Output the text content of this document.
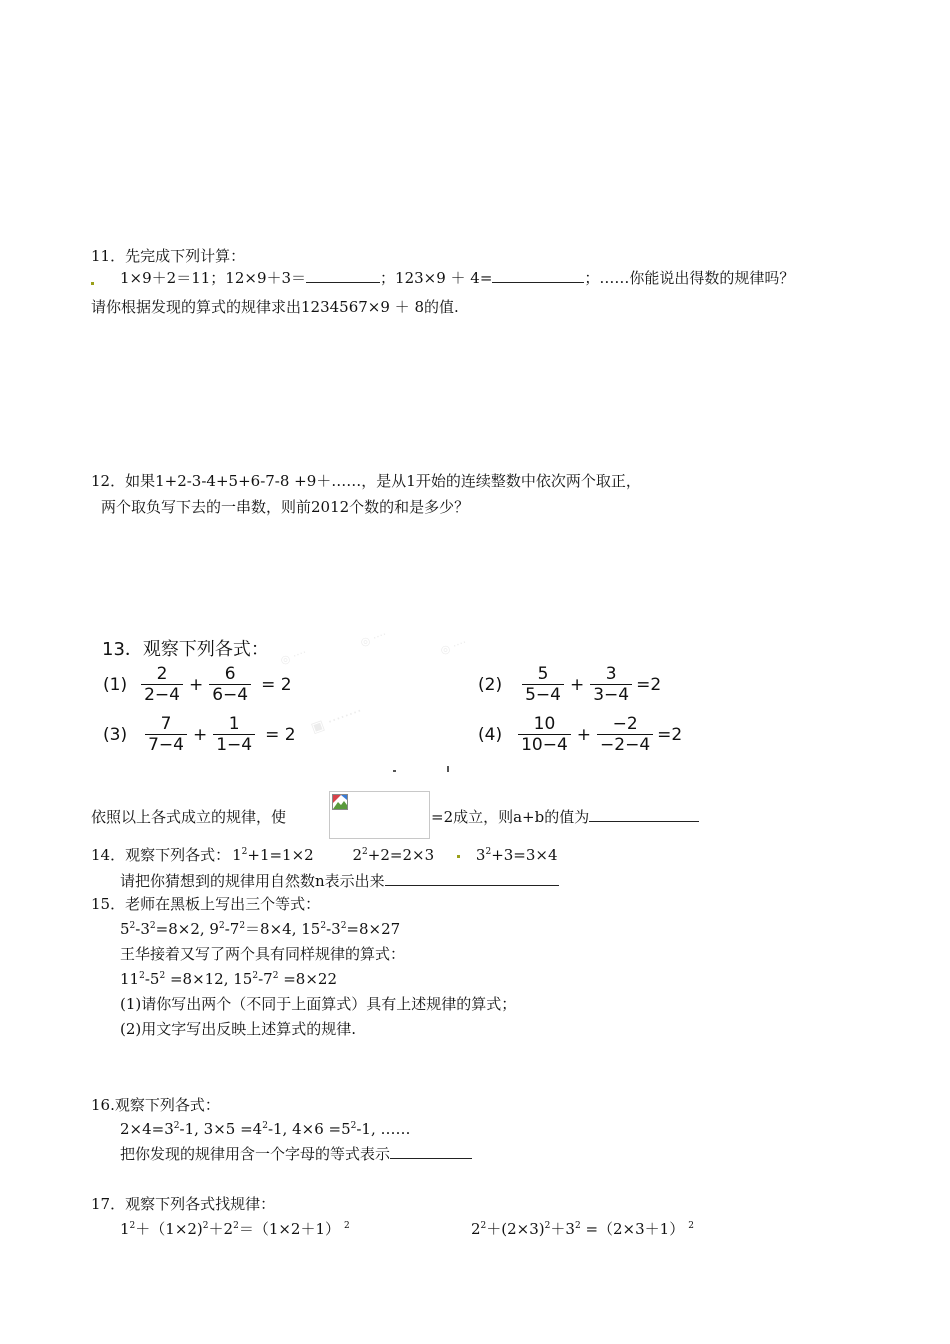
11．先完成下列计算：
1×9＋2＝11；12×9＋3＝	；123×9 ＋ 4=	；……你能说出得数的规律吗？
请你根据发现的算式的规律求出1234567×9 ＋ 8的值.
12．如果1+2-3-4+5+6-7-8 +9＋……，是从1开始的连续整数中依次两个取正，
两个取负写下去的一串数，则前2012个数的和是多少？
◎ ····
◎ ····
▣ ········
◎ ····
13．观察下列各式：
$(1) \frac{2}{2-4} + \frac{6}{6-4} = 2$	$(2) \frac{5}{5-4} + \frac{3}{3-4} =2$
$(3) \frac{7}{7-4} + \frac{1}{1-4} = 2$	$(4) \frac{10}{10-4} + \frac{-2}{-2-4} =2$
依照以上各式成立的规律，使	=2成立，则a+b的值为
14．观察下列各式： $1^2+1=1\times 2$	$2^2+2=2\times 3$	$3^2+3=3\times 4$
请把你猜想到的规律用自然数n表示出来
15．老师在黑板上写出三个等式：
$5^2-3^2=8\times 2$, $9^2-7^2=8\times 4$, $15^2-3^2=8\times 27$
王华接着又写了两个具有同样规律的算式：
$11^2-5^2 =8\times 12$, $15^2-7^2 =8\times 22$
(1)请你写出两个（不同于上面算式）具有上述规律的算式；
(2)用文字写出反映上述算式的规律.
16.观察下列各式：
$2\times 4=3^2-1$, $3\times 5 =4^2-1$, $4\times 6 =5^2-1$, ……
把你发现的规律用含一个字母的等式表示
17．观察下列各式找规律：
$1^2+(1\times 2)^2+2^2=(1\times 2+1)$ $^2$	$2^2+(2\times 3)^2+3^2 =(2\times 3+1)$ $^2$
